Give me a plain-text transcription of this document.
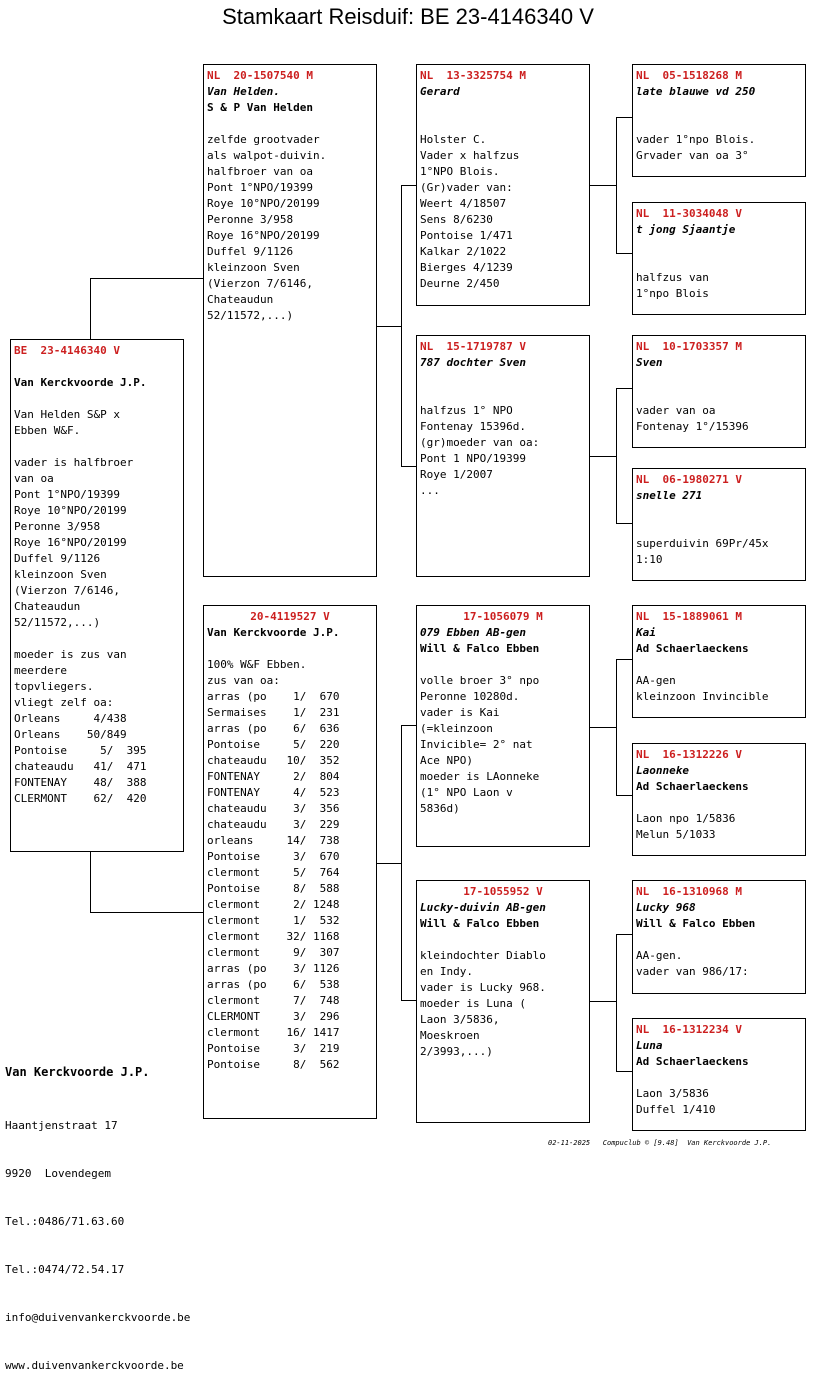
Stamkaart Reisduif: BE 23-4146340 V
BE  23-4146340 V
Van Kerckvoorde J.P.
Van Helden S&P x
Ebben W&F.
vader is halfbroer
van oa
Pont 1°NPO/19399
Roye 10°NPO/20199
Peronne 3/958
Roye 16°NPO/20199
Duffel 9/1126
kleinzoon Sven
(Vierzon 7/6146,
Chateaudun
52/11572,...)
moeder is zus van
meerdere
topvliegers.
vliegt zelf oa:
Orleans     4/438
Orleans    50/849
Pontoise     5/  395
chateaudu   41/  471
FONTENAY    48/  388
CLERMONT    62/  420
NL  20-1507540 M
Van Helden.
S & P Van Helden
zelfde grootvader
als walpot-duivin.
halfbroer van oa
Pont 1°NPO/19399
Roye 10°NPO/20199
Peronne 3/958
Roye 16°NPO/20199
Duffel 9/1126
kleinzoon Sven
(Vierzon 7/6146,
Chateaudun
52/11572,...)
20-4119527 V
Van Kerckvoorde J.P.
100% W&F Ebben.
zus van oa:
arras (po    1/  670
Sermaises    1/  231
arras (po    6/  636
Pontoise     5/  220
chateaudu   10/  352
FONTENAY     2/  804
FONTENAY     4/  523
chateaudu    3/  356
chateaudu    3/  229
orleans     14/  738
Pontoise     3/  670
clermont     5/  764
Pontoise     8/  588
clermont     2/ 1248
clermont     1/  532
clermont    32/ 1168
clermont     9/  307
arras (po    3/ 1126
arras (po    6/  538
clermont     7/  748
CLERMONT     3/  296
clermont    16/ 1417
Pontoise     3/  219
Pontoise     8/  562
NL  13-3325754 M
Gerard
Holster C.
Vader x halfzus
1°NPO Blois.
(Gr)vader van:
Weert 4/18507
Sens 8/6230
Pontoise 1/471
Kalkar 2/1022
Bierges 4/1239
Deurne 2/450
NL  15-1719787 V
787 dochter Sven
halfzus 1° NPO
Fontenay 15396d.
(gr)moeder van oa:
Pont 1 NPO/19399
Roye 1/2007
...
17-1056079 M
079 Ebben AB-gen
Will & Falco Ebben
volle broer 3° npo
Peronne 10280d.
vader is Kai
(=kleinzoon
Invicible= 2° nat
Ace NPO)
moeder is LAonneke
(1° NPO Laon v
5836d)
17-1055952 V
Lucky-duivin AB-gen
Will & Falco Ebben
kleindochter Diablo
en Indy.
vader is Lucky 968.
moeder is Luna (
Laon 3/5836,
Moeskroen
2/3993,...)
NL  05-1518268 M
late blauwe vd 250
vader 1°npo Blois.
Grvader van oa 3°
NL  11-3034048 V
t jong Sjaantje
halfzus van
1°npo Blois
NL  10-1703357 M
Sven
vader van oa
Fontenay 1°/15396
NL  06-1980271 V
snelle 271
superduivin 69Pr/45x
1:10
NL  15-1889061 M
Kai
Ad Schaerlaeckens
AA-gen
kleinzoon Invincible
NL  16-1312226 V
Laonneke
Ad Schaerlaeckens
Laon npo 1/5836
Melun 5/1033
NL  16-1310968 M
Lucky 968
Will & Falco Ebben
AA-gen.
vader van 986/17:
NL  16-1312234 V
Luna
Ad Schaerlaeckens
Laon 3/5836
Duffel 1/410

Van Kerckvoorde J.P.

Haantjenstraat 17

9920  Lovendegem

Tel.:0486/71.63.60

Tel.:0474/72.54.17

info@duivenvankerckvoorde.be

www.duivenvankerckvoorde.be

02-11-2025   Compuclub © [9.48]  Van Kerckvoorde J.P.
